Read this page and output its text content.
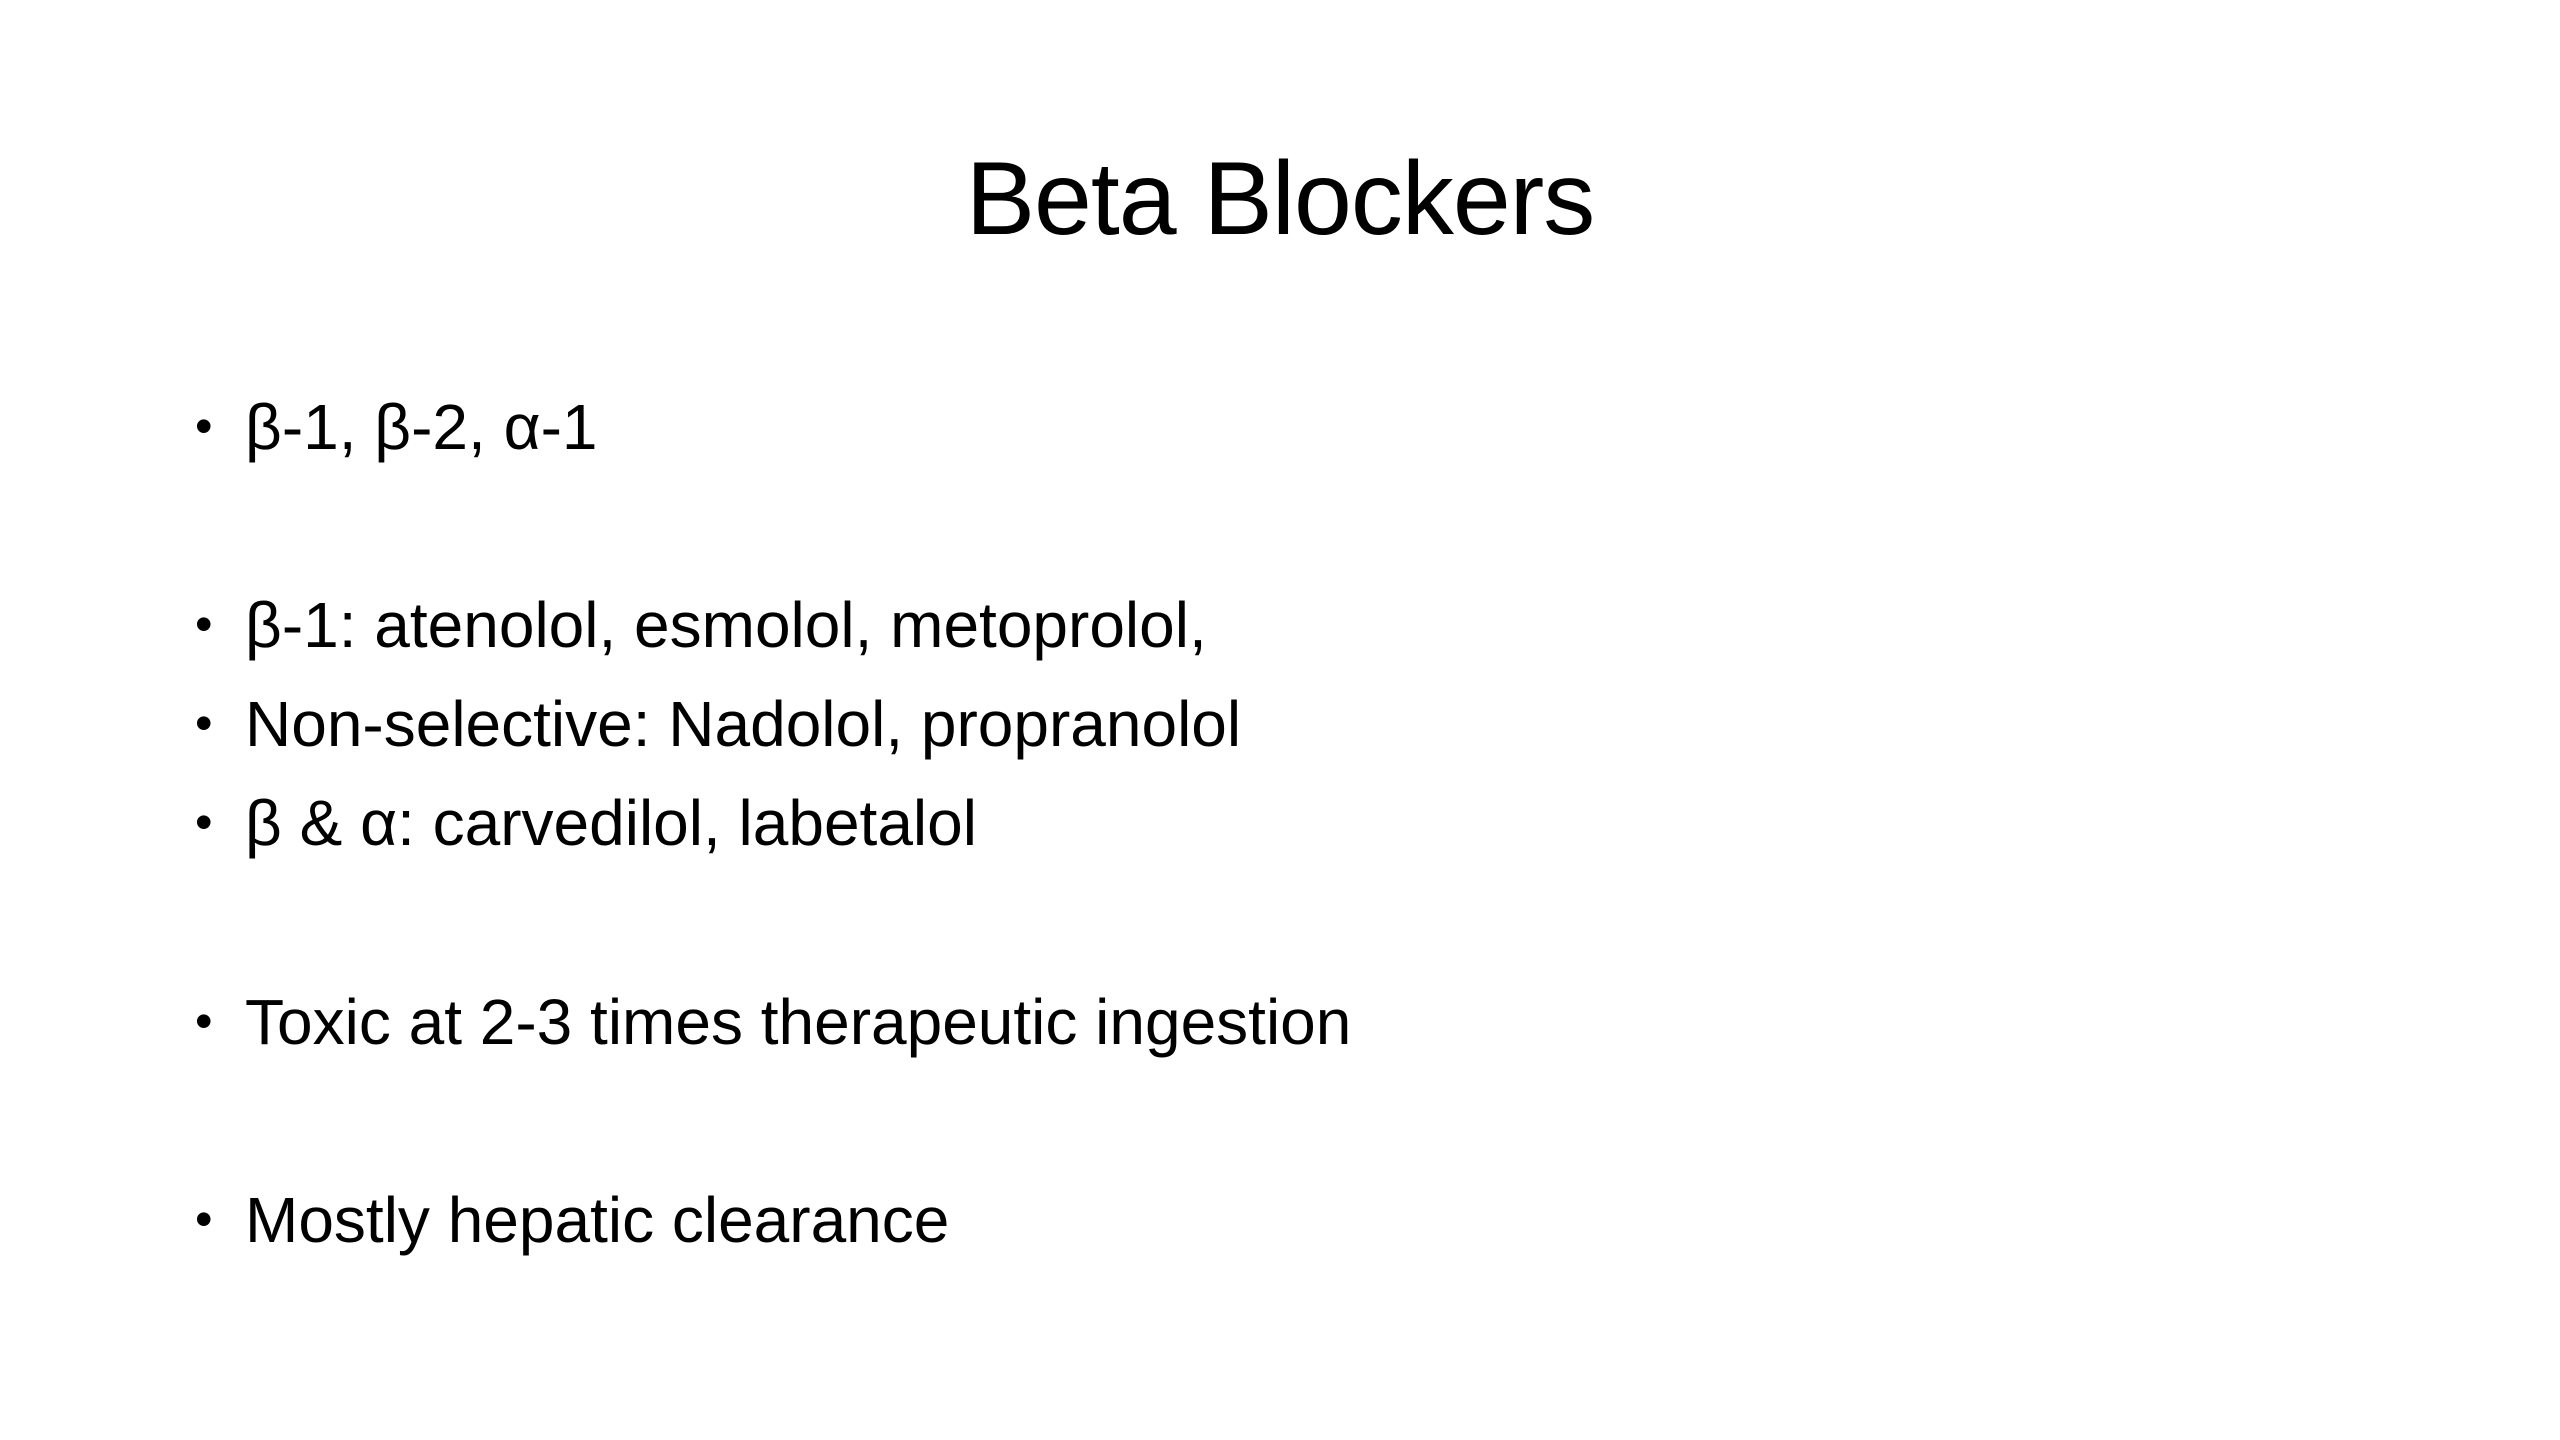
Beta Blockers
• β-1, β-2, α-1
• β-1: atenolol, esmolol, metoprolol,
• Non-selective: Nadolol, propranolol
• β & α: carvedilol, labetalol
• Toxic at 2-3 times therapeutic ingestion
• Mostly hepatic clearance
